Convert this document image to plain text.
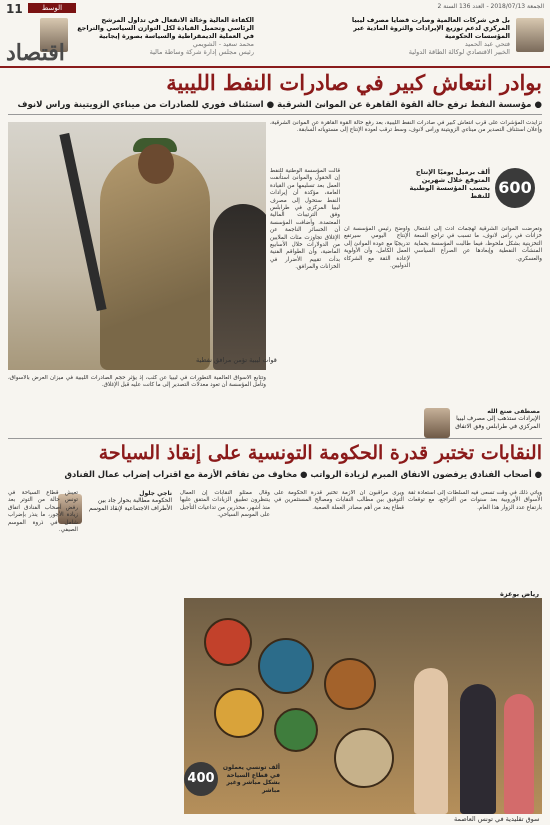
11	الوسط	الجمعة 2018/07/13 - العدد 136 السنة 2
الكفاءة العالية وخالة الانفعال في تداول المرشح الرئاسي وتحميل القيادة لكل التوازن السياسي والتراجع في العملية الديمقراطية والسياسة بصورة إيجابية
محمد سعيد - الشويمي
رئيس مجلس إدارة شركة وساطة مالية
بل في شركات العالمية وصارت قضايا مصرف ليبيا المركزي لدعم توزيع الإيرادات والثروة المادية عبر المؤسسات الحكومية
فتحي عبد الحميد
الخبير الاقتصادي لوكالة الطاقة الدولية
اقتصاد
بوادر انتعاش كبير في صادرات النفط الليبية
● مؤسسة النفط ترفع حالة القوة القاهرة عن الموانئ الشرقية ● استئناف فوري للصادرات من ميناءي الزويتينة وراس لانوف
قوات ليبية تؤمن مرافق نفطية
تزايدت المؤشرات على قرب انتعاش كبير في صادرات النفط الليبية، بعد رفع حالة القوة القاهرة عن الموانئ الشرقية، وإعلان استئناف التصدير من ميناءي الزويتينة وراس لانوف، وسط ترقب لعودة الإنتاج إلى مستوياته السابقة.
600
ألف برميل يوميًا الإنتاج المتوقع خلال شهرين بحسب المؤسسة الوطنية للنفط
قالت المؤسسة الوطنية للنفط إن الحقول والموانئ استأنفت العمل بعد تسليمها من القيادة العامة، مؤكدة أن إيرادات النفط ستحول إلى مصرف ليبيا المركزي في طرابلس وفق الترتيبات المالية المعتمدة. وأضافت المؤسسة أن الخسائر الناجمة عن الإغلاق تجاوزت مئات الملايين من الدولارات خلال الأسابيع الماضية، وأن الطواقم الفنية بدأت تقييم الأضرار في الخزانات والمرافق.
وأوضح رئيس المؤسسة أن الإنتاج اليومي سيرتفع تدريجيًا مع عودة الموانئ إلى العمل الكامل، وأن الأولوية لإعادة الثقة مع الشركاء الدوليين.
وتعرضت الموانئ الشرقية لهجمات أدت إلى اشتعال خزانات في راس لانوف، ما تسبب في تراجع السعة التخزينية بشكل ملحوظ، فيما طالبت المؤسسة بحماية المنشآت النفطية وإبعادها عن الصراع السياسي والعسكري.
وتتابع الأسواق العالمية التطورات في ليبيا عن كثب، إذ يؤثر حجم الصادرات الليبية في ميزان العرض بالأسواق، وتأمل المؤسسة أن تعود معدلات التصدير إلى ما كانت عليه قبل الإغلاق.
مصطفى صنع الله
الإيرادات ستذهب إلى مصرف ليبيا المركزي في طرابلس وفق الاتفاق
النقابات تختبر قدرة الحكومة التونسية على إنقاذ السياحة
● أصحاب الفنادق يرفضون الاتفاق المبرم لزيادة الرواتب ● مخاوف من تفاقم الأزمة مع اقتراب إضراب عمال الفنادق
ناجي جلول
الحكومة مطالبة بحوار جاد بين الأطراف الاجتماعية لإنقاذ الموسم
تعيش قطاع السياحة في تونس حالة من التوتر بعد رفض أصحاب الفنادق اتفاق زيادة الأجور، ما ينذر بإضراب شامل في ذروة الموسم الصيفي.
وقال ممثلو النقابات إن العمال ينتظرون تطبيق الزيادات المتفق عليها منذ أشهر، محذرين من تداعيات التأجيل على الموسم السياحي.
ويرى مراقبون أن الأزمة تختبر قدرة الحكومة على التوفيق بين مطالب النقابات ومصالح المستثمرين في قطاع يعد من أهم مصادر العملة الصعبة.
ويأتي ذلك في وقت تسعى فيه السلطات إلى استعادة ثقة الأسواق الأوروبية بعد سنوات من التراجع، مع توقعات بارتفاع عدد الزوار هذا العام.
رياض بوعزة
سوق تقليدية في تونس العاصمة
400
ألف تونسي يعملون في قطاع السياحة بشكل مباشر وغير مباشر
